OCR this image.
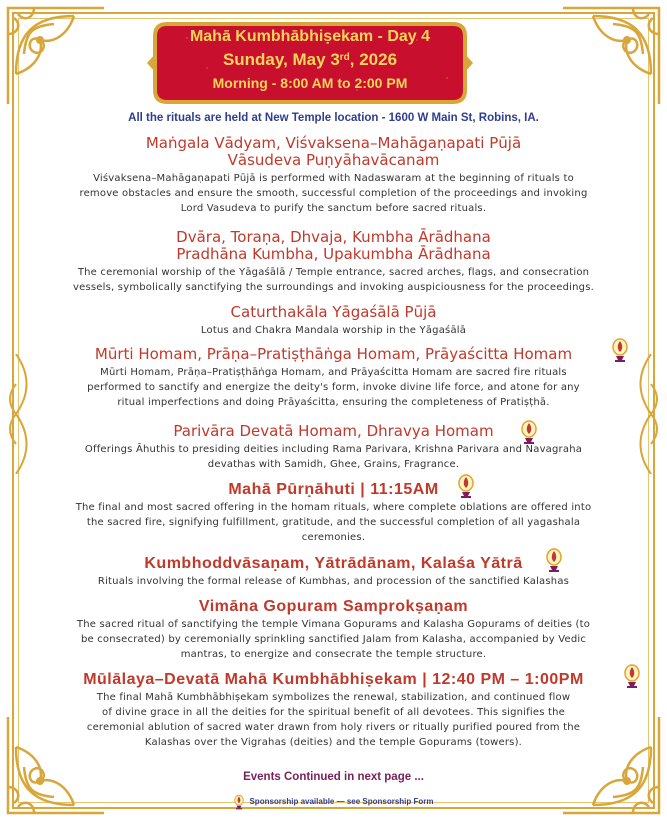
Mahā Kumbhābhiṣekam - Day 4
Sunday, May 3rd, 2026
Morning - 8:00 AM to 2:00 PM
All the rituals are held at New Temple location - 1600 W Main St, Robins, IA.
Maṅgala Vādyam, Viśvaksena–Mahāgaṇapati Pūjā
Vāsudeva Puṇyāhavācanam
Viśvaksena–Mahāgaṇapati Pūjā is performed with Nadaswaram at the beginning of rituals to
remove obstacles and ensure the smooth, successful completion of the proceedings and invoking
Lord Vasudeva to purify the sanctum before sacred rituals.
Dvāra, Toraṇa, Dhvaja, Kumbha Ārādhana
Pradhāna Kumbha, Upakumbha Ārādhana
The ceremonial worship of the Yāgaśālā / Temple entrance, sacred arches, flags, and consecration
vessels, symbolically sanctifying the surroundings and invoking auspiciousness for the proceedings.
Caturthakāla Yāgaśālā Pūjā
Lotus and Chakra Mandala worship in the Yāgaśālā
Mūrti Homam, Prāṇa–Pratiṣṭhāṅga Homam, Prāyaścitta Homam
Mūrti Homam, Prāṇa–Pratiṣṭhāṅga Homam, and Prāyaścitta Homam are sacred fire rituals
performed to sanctify and energize the deity's form, invoke divine life force, and atone for any
ritual imperfections and doing Prāyaścitta, ensuring the completeness of Pratiṣṭhā.
Parivāra Devatā Homam, Dhravya Homam
Offerings Āhuthis to presiding deities including Rama Parivara, Krishna Parivara and Navagraha
devathas with Samidh, Ghee, Grains, Fragrance.
Mahā Pūrṇāhuti | 11:15AM
The final and most sacred offering in the homam rituals, where complete oblations are offered into
the sacred fire, signifying fulfillment, gratitude, and the successful completion of all yagashala
ceremonies.
Kumbhoddvāsaṇam, Yātrādānam, Kalaśa Yātrā
Rituals involving the formal release of Kumbhas, and procession of the sanctified Kalashas
Vimāna Gopuram Samprokṣaṇam
The sacred ritual of sanctifying the temple Vimana Gopurams and Kalasha Gopurams of deities (to
be consecrated) by ceremonially sprinkling sanctified Jalam from Kalasha, accompanied by Vedic
mantras, to energize and consecrate the temple structure.
Mūlālaya–Devatā Mahā Kumbhābhiṣekam | 12:40 PM – 1:00PM
The final Mahā Kumbhābhiṣekam symbolizes the renewal, stabilization, and continued flow
of divine grace in all the deities for the spiritual benefit of all devotees. This signifies the
ceremonial ablution of sacred water drawn from holy rivers or ritually purified poured from the
Kalashas over the Vigrahas (deities) and the temple Gopurams (towers).
Events Continued in next page ...
Sponsorship available — see Sponsorship Form
